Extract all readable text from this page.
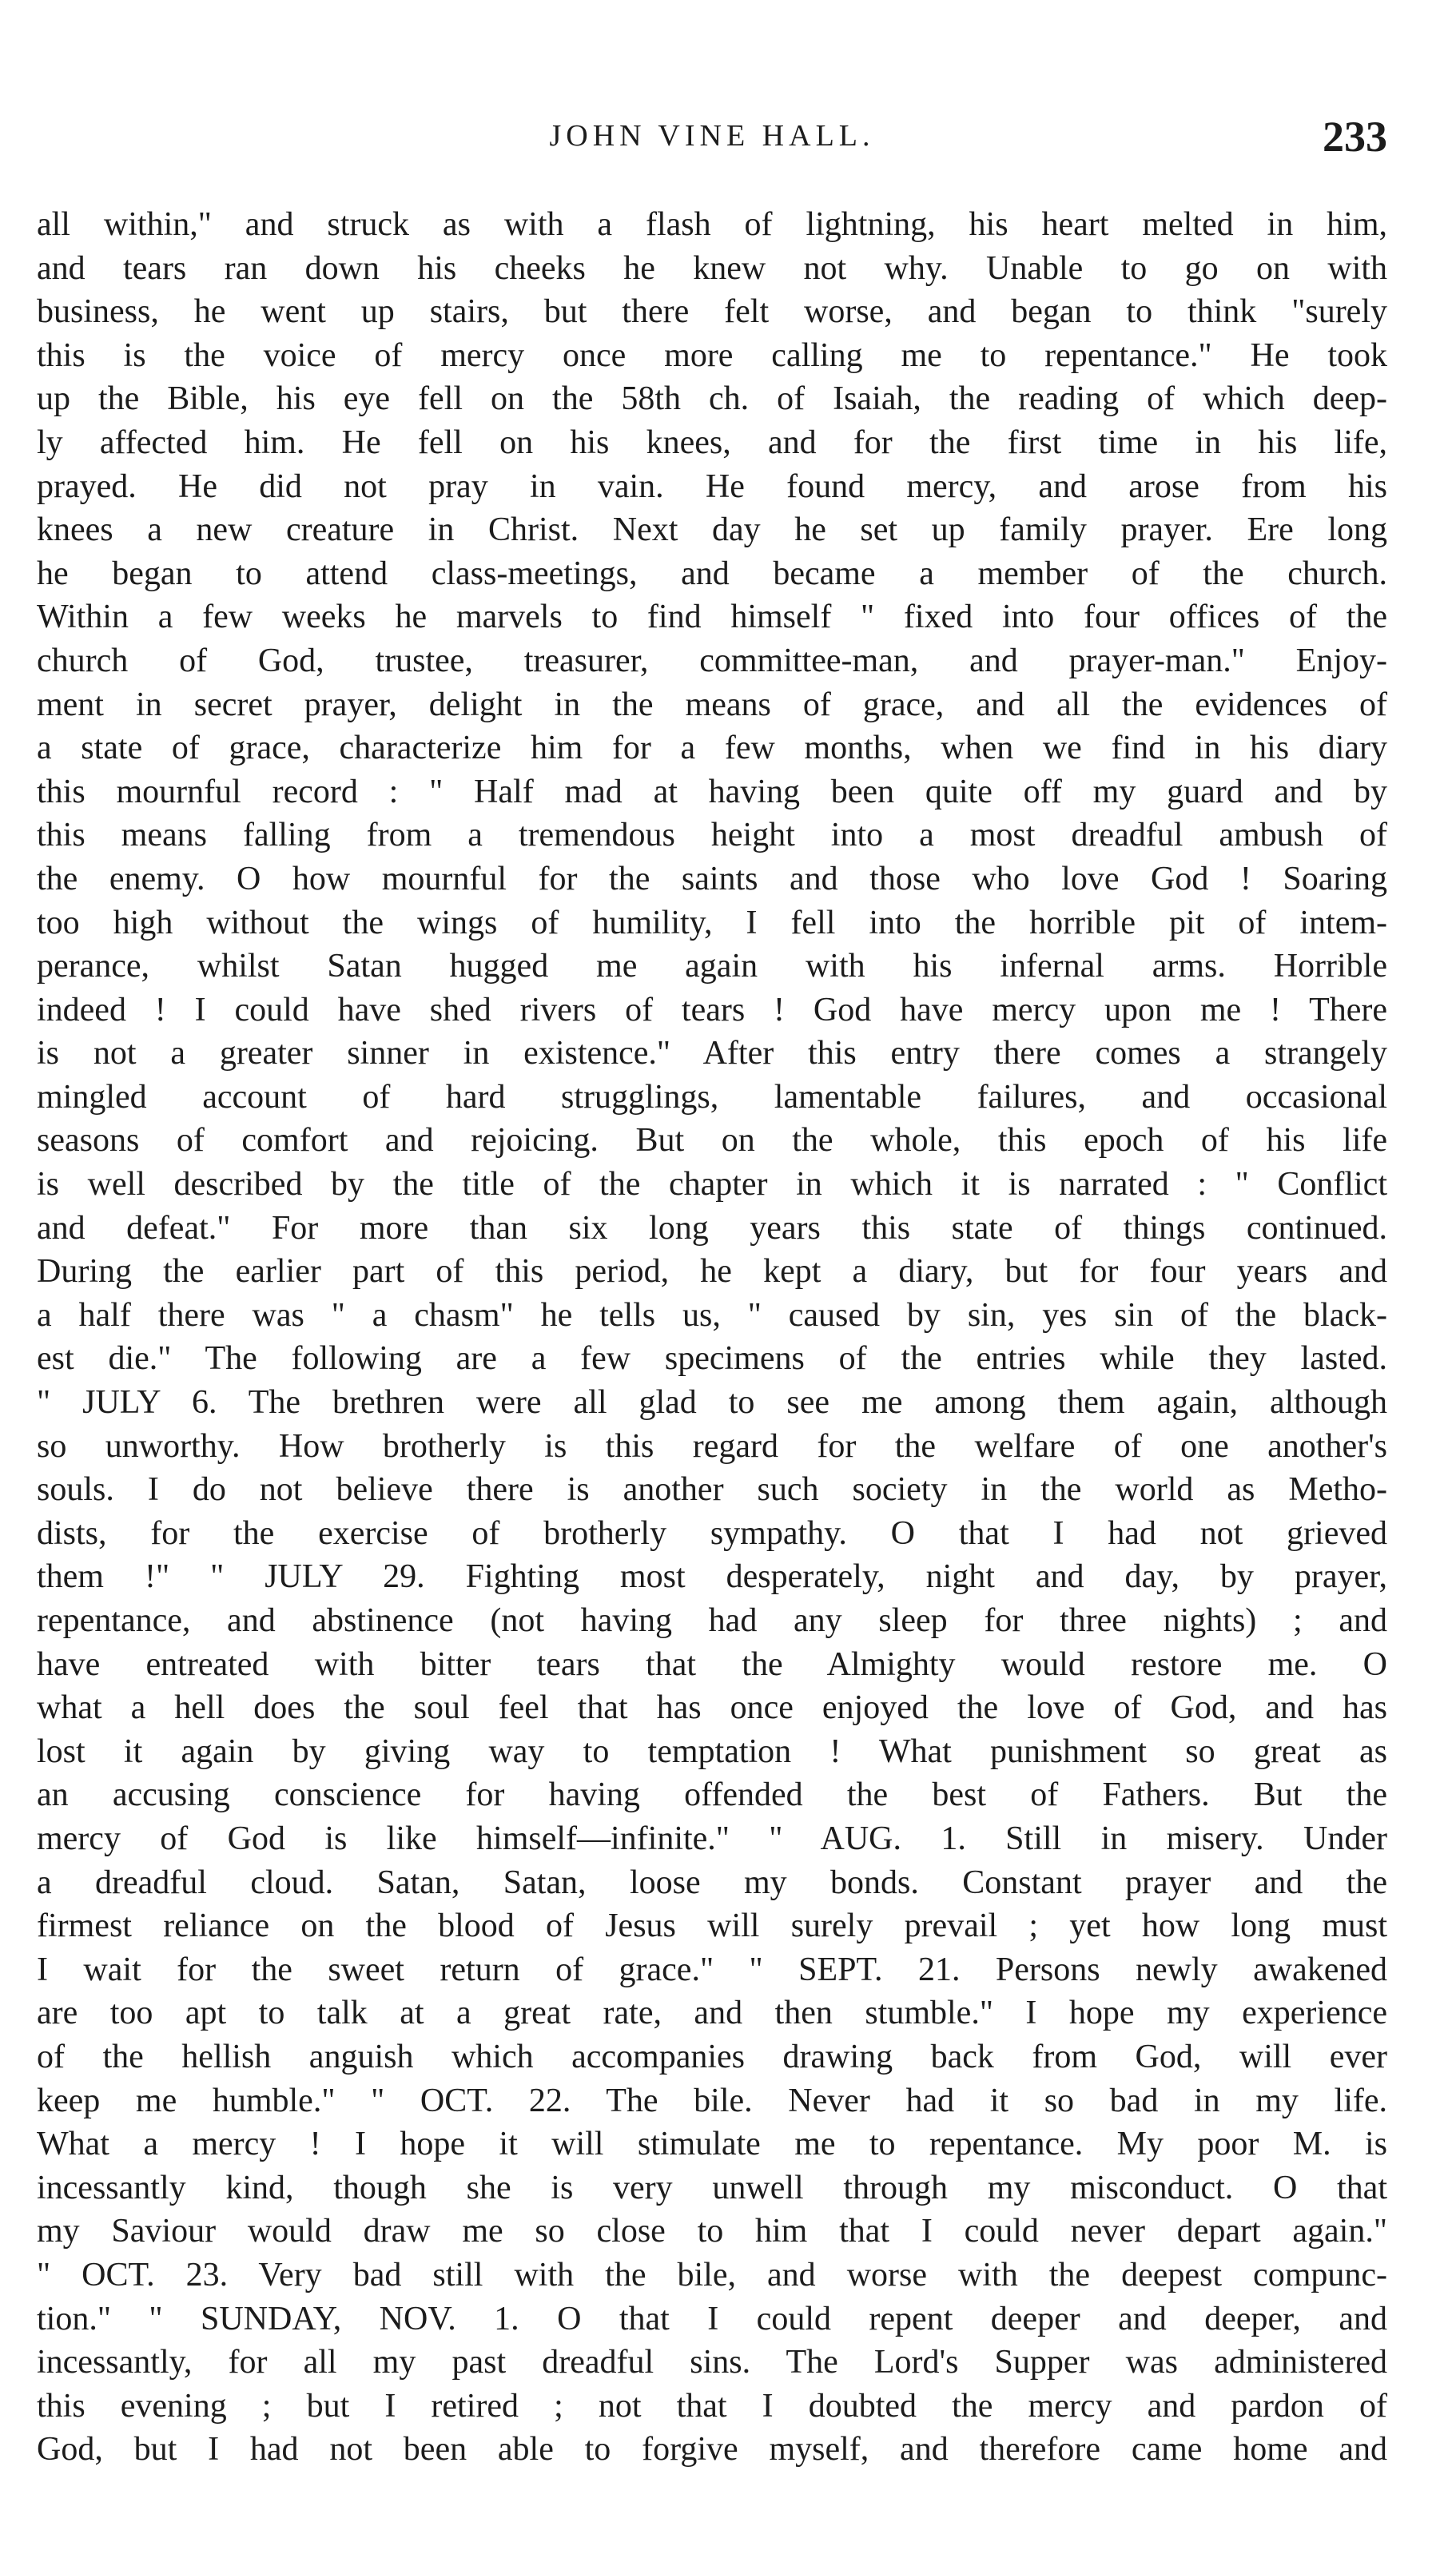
JOHN VINE HALL.	233
all within," and struck as with a flash of lightning, his heart melted in him,
and tears ran down his cheeks he knew not why. Unable to go on with
business, he went up stairs, but there felt worse, and began to think "surely
this is the voice of mercy once more calling me to repentance." He took
up the Bible, his eye fell on the 58th ch. of Isaiah, the reading of which deep-
ly affected him. He fell on his knees, and for the first time in his life,
prayed. He did not pray in vain. He found mercy, and arose from his
knees a new creature in Christ. Next day he set up family prayer. Ere long
he began to attend class-meetings, and became a member of the church.
Within a few weeks he marvels to find himself " fixed into four offices of the
church of God, trustee, treasurer, committee-man, and prayer-man." Enjoy-
ment in secret prayer, delight in the means of grace, and all the evidences of
a state of grace, characterize him for a few months, when we find in his diary
this mournful record : " Half mad at having been quite off my guard and by
this means falling from a tremendous height into a most dreadful ambush of
the enemy. O how mournful for the saints and those who love God ! Soaring
too high without the wings of humility, I fell into the horrible pit of intem-
perance, whilst Satan hugged me again with his infernal arms. Horrible
indeed ! I could have shed rivers of tears ! God have mercy upon me ! There
is not a greater sinner in existence." After this entry there comes a strangely
mingled account of hard strugglings, lamentable failures, and occasional
seasons of comfort and rejoicing. But on the whole, this epoch of his life
is well described by the title of the chapter in which it is narrated : " Conflict
and defeat." For more than six long years this state of things continued.
During the earlier part of this period, he kept a diary, but for four years and
a half there was " a chasm" he tells us, " caused by sin, yes sin of the black-
est die." The following are a few specimens of the entries while they lasted.
" JULY 6. The brethren were all glad to see me among them again, although
so unworthy. How brotherly is this regard for the welfare of one another's
souls. I do not believe there is another such society in the world as Metho-
dists, for the exercise of brotherly sympathy. O that I had not grieved
them !" " JULY 29. Fighting most desperately, night and day, by prayer,
repentance, and abstinence (not having had any sleep for three nights) ; and
have entreated with bitter tears that the Almighty would restore me. O
what a hell does the soul feel that has once enjoyed the love of God, and has
lost it again by giving way to temptation ! What punishment so great as
an accusing conscience for having offended the best of Fathers. But the
mercy of God is like himself—infinite." " AUG. 1. Still in misery. Under
a dreadful cloud. Satan, Satan, loose my bonds. Constant prayer and the
firmest reliance on the blood of Jesus will surely prevail ; yet how long must
I wait for the sweet return of grace." " SEPT. 21. Persons newly awakened
are too apt to talk at a great rate, and then stumble." I hope my experience
of the hellish anguish which accompanies drawing back from God, will ever
keep me humble." " OCT. 22. The bile. Never had it so bad in my life.
What a mercy ! I hope it will stimulate me to repentance. My poor M. is
incessantly kind, though she is very unwell through my misconduct. O that
my Saviour would draw me so close to him that I could never depart again."
" OCT. 23. Very bad still with the bile, and worse with the deepest compunc-
tion." " SUNDAY, NOV. 1. O that I could repent deeper and deeper, and
incessantly, for all my past dreadful sins. The Lord's Supper was administered
this evening ; but I retired ; not that I doubted the mercy and pardon of
God, but I had not been able to forgive myself, and therefore came home and
